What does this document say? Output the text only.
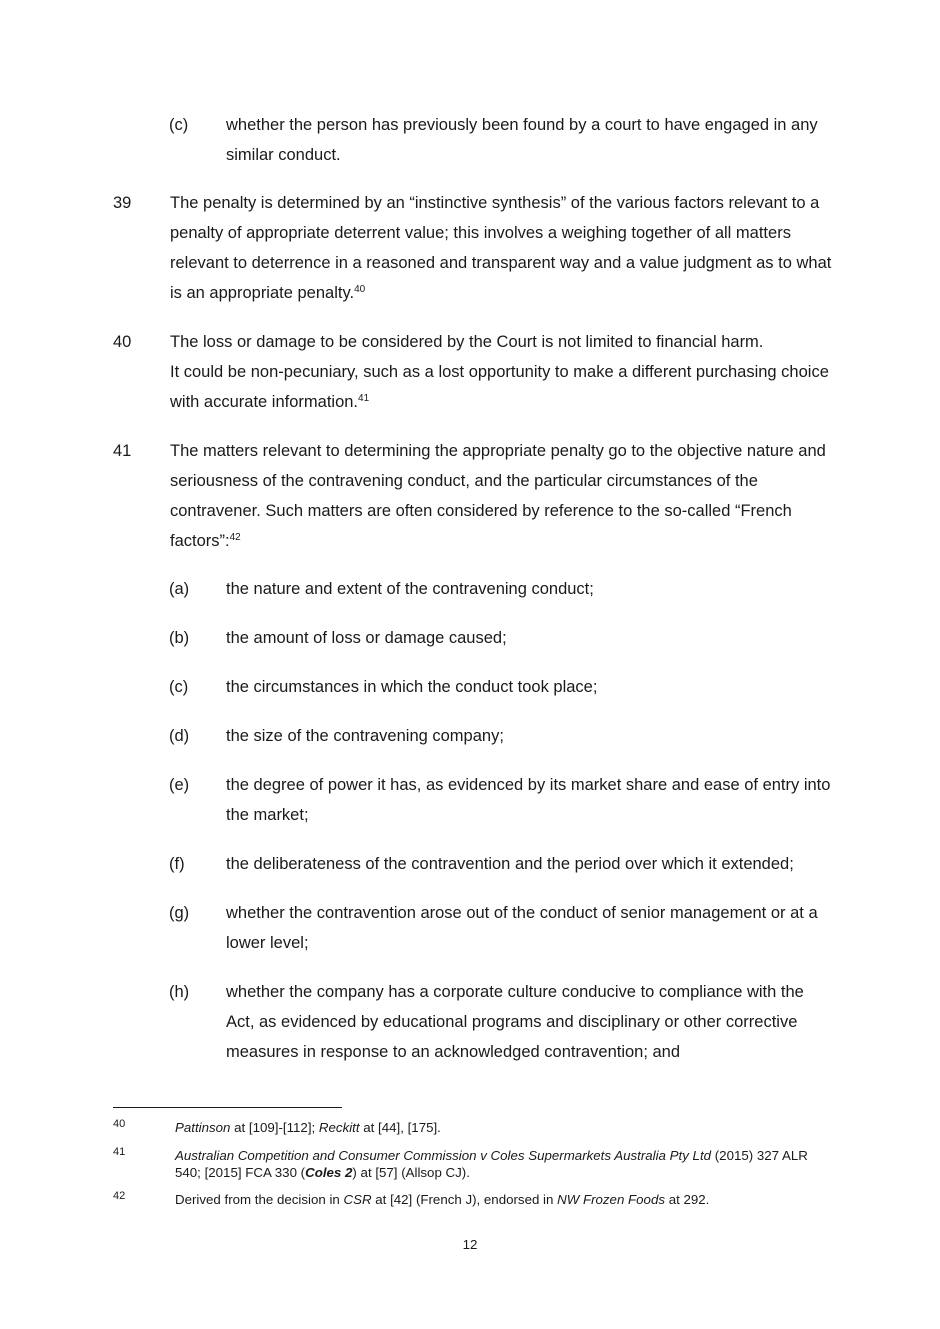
(c)	whether the person has previously been found by a court to have engaged in any similar conduct.
39	The penalty is determined by an “instinctive synthesis” of the various factors relevant to a penalty of appropriate deterrent value; this involves a weighing together of all matters relevant to deterrence in a reasoned and transparent way and a value judgment as to what is an appropriate penalty.$^{40}$
40	The loss or damage to be considered by the Court is not limited to financial harm.
It could be non-pecuniary, such as a lost opportunity to make a different purchasing choice with accurate information.$^{41}$
41	The matters relevant to determining the appropriate penalty go to the objective nature and seriousness of the contravening conduct, and the particular circumstances of the contravener. Such matters are often considered by reference to the so-called “French factors”:$^{42}$
(a)	the nature and extent of the contravening conduct;
(b)	the amount of loss or damage caused;
(c)	the circumstances in which the conduct took place;
(d)	the size of the contravening company;
(e)	the degree of power it has, as evidenced by its market share and ease of entry into the market;
(f)	the deliberateness of the contravention and the period over which it extended;
(g)	whether the contravention arose out of the conduct of senior management or at a lower level;
(h)	whether the company has a corporate culture conducive to compliance with the Act, as evidenced by educational programs and disciplinary or other corrective measures in response to an acknowledged contravention; and
40	Pattinson at [109]-[112]; Reckitt at [44], [175].
41	Australian Competition and Consumer Commission v Coles Supermarkets Australia Pty Ltd (2015) 327 ALR 540; [2015] FCA 330 (Coles 2) at [57] (Allsop CJ).
42	Derived from the decision in CSR at [42] (French J), endorsed in NW Frozen Foods at 292.
12
